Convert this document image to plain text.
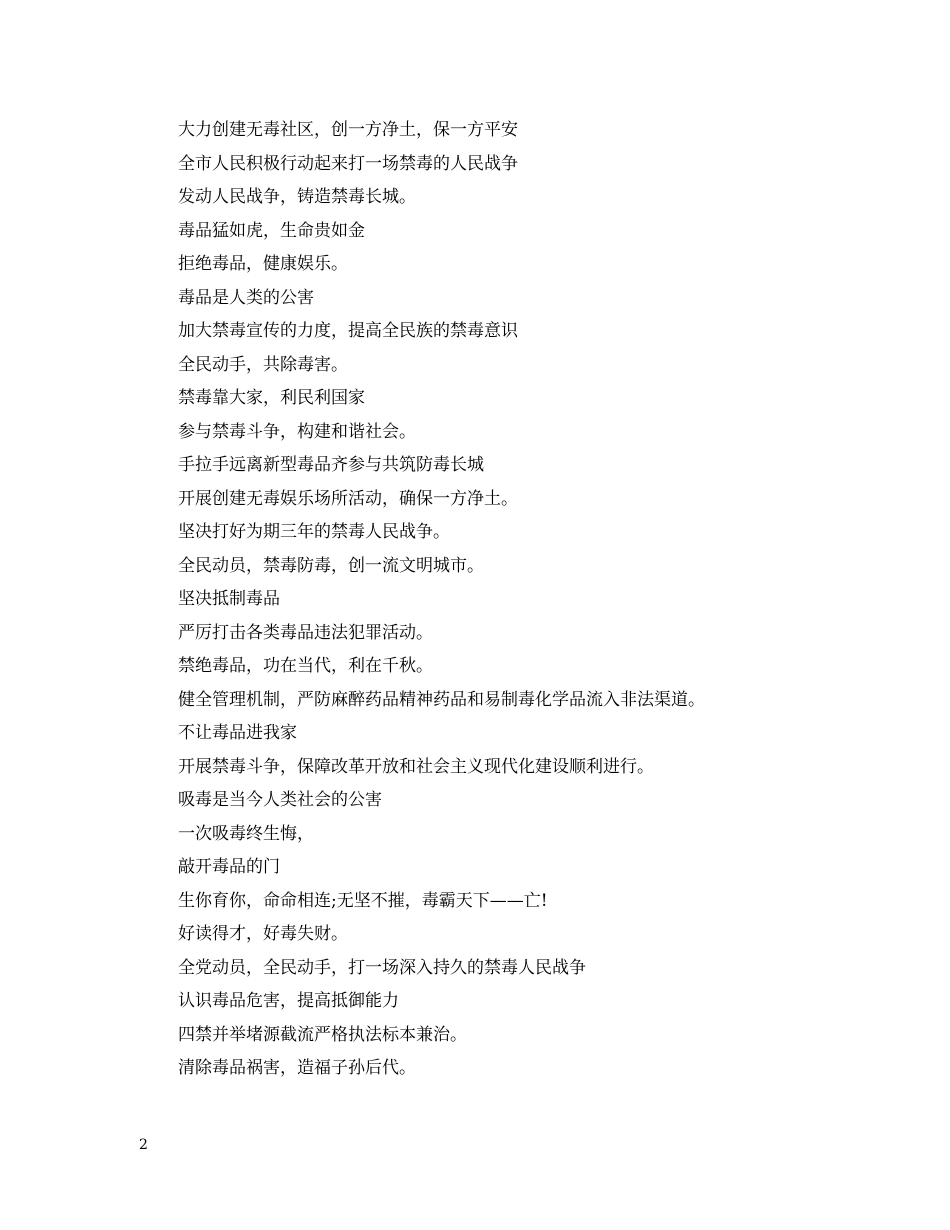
大力创建无毒社区，创一方净土，保一方平安
全市人民积极行动起来打一场禁毒的人民战争
发动人民战争，铸造禁毒长城。
毒品猛如虎，生命贵如金
拒绝毒品，健康娱乐。
毒品是人类的公害
加大禁毒宣传的力度，提高全民族的禁毒意识
全民动手，共除毒害。
禁毒靠大家，利民利国家
参与禁毒斗争，构建和谐社会。
手拉手远离新型毒品齐参与共筑防毒长城
开展创建无毒娱乐场所活动，确保一方净土。
坚决打好为期三年的禁毒人民战争。
全民动员，禁毒防毒，创一流文明城市。
坚决抵制毒品
严厉打击各类毒品违法犯罪活动。
禁绝毒品，功在当代，利在千秋。
健全管理机制，严防麻醉药品精神药品和易制毒化学品流入非法渠道。
不让毒品进我家
开展禁毒斗争，保障改革开放和社会主义现代化建设顺利进行。
吸毒是当今人类社会的公害
一次吸毒终生悔，
敲开毒品的门
生你育你，命命相连;无坚不摧，毒霸天下——亡!
好读得才，好毒失财。
全党动员，全民动手，打一场深入持久的禁毒人民战争
认识毒品危害，提高抵御能力
四禁并举堵源截流严格执法标本兼治。
清除毒品祸害，造福子孙后代。
2
